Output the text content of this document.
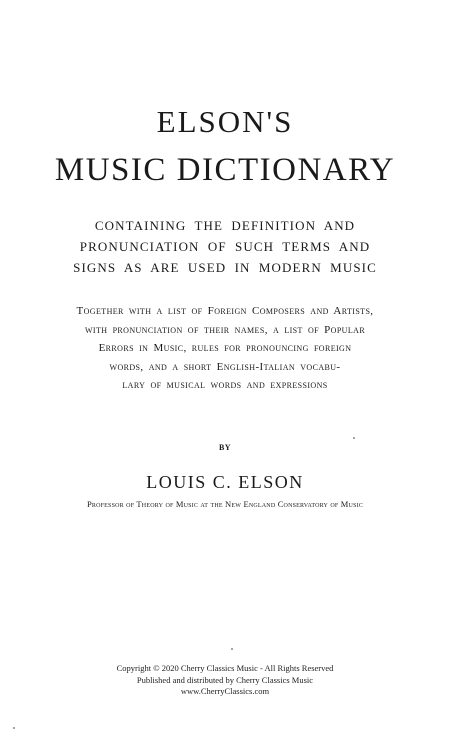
ELSON'S
MUSIC DICTIONARY
CONTAINING THE DEFINITION AND
PRONUNCIATION OF SUCH TERMS AND
SIGNS AS ARE USED IN MODERN MUSIC
Together with a list of Foreign Composers and Artists,
with pronunciation of their names, a list of Popular
Errors in Music, rules for pronouncing foreign
words, and a short English-Italian vocabu-
lary of musical words and expressions
BY
LOUIS C. ELSON
Professor of Theory of Music at the New England Conservatory of Music
Copyright © 2020 Cherry Classics Music - All Rights Reserved
Published and distributed by Cherry Classics Music
www.CherryClassics.com
